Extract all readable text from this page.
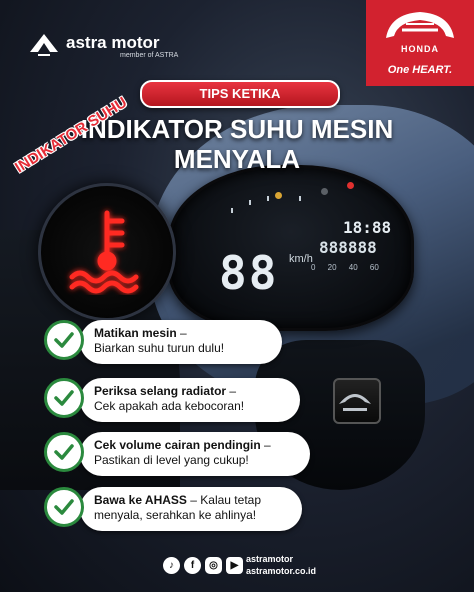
18:88
888888
88 km/h
0 20 40 60
astra motor
member of ASTRA
HONDA
One HEART.
TIPS KETIKA
INDIKATOR SUHU MESIN
MENYALA
INDIKATOR SUHU
Matikan mesin –
Biarkan suhu turun dulu!
Periksa selang radiator –
Cek apakah ada kebocoran!
Cek volume cairan pendingin –
Pastikan di level yang cukup!
Bawa ke AHASS – Kalau tetap
menyala, serahkan ke ahlinya!
♪	f	◎	▶
astramotor
astramotor.co.id
